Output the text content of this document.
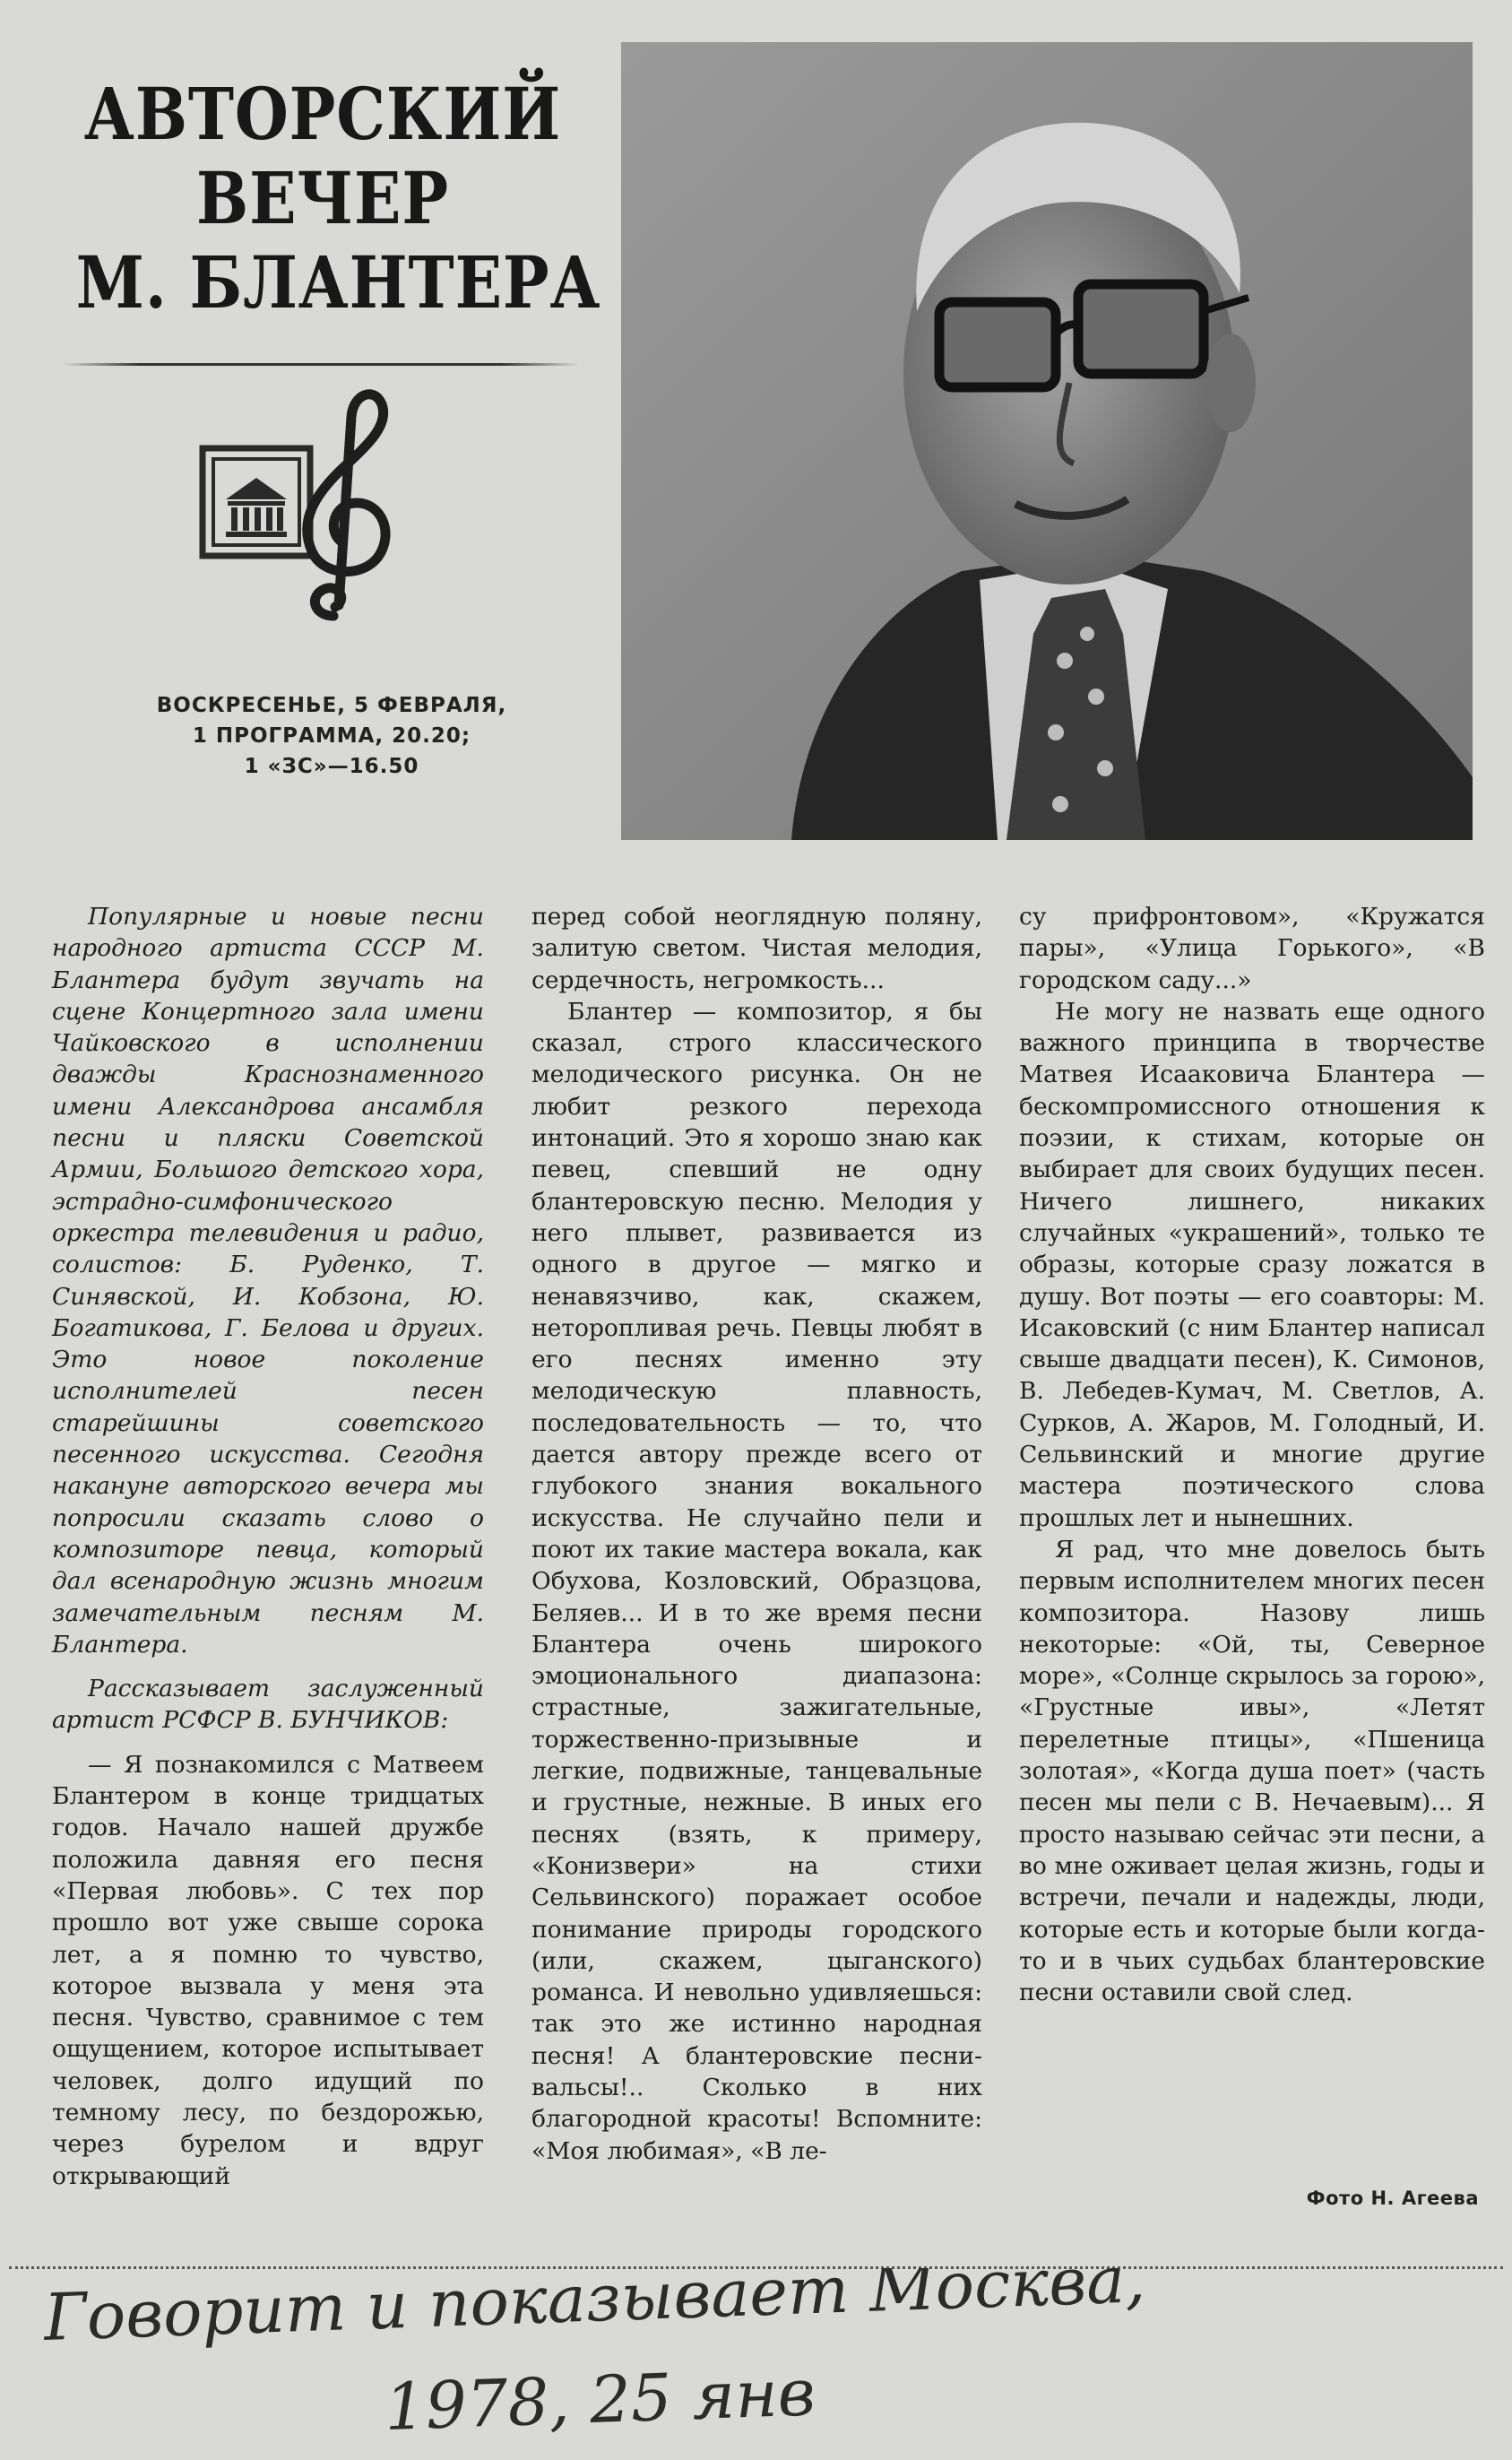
АВТОРСКИЙ
ВЕЧЕР
М. БЛАНТЕРА
ВОСКРЕСЕНЬЕ, 5 ФЕВРАЛЯ,
1 ПРОГРАММА, 20.20;
1 «ЗС»—16.50

Популярные и новые песни народного артиста СССР М. Блантера будут звучать на сцене Концертного зала имени Чайковского в исполнении дважды Краснознаменного имени Александрова ансамбля песни и пляски Советской Армии, Большого детского хора, эстрадно-симфонического оркестра телевидения и радио, солистов: Б. Руденко, Т. Синявской, И. Кобзона, Ю. Богатикова, Г. Белова и других. Это новое поколение исполнителей песен старейшины советского песенного искусства. Сегодня накануне авторского вечера мы попросили сказать слово о композиторе певца, который дал всенародную жизнь многим замечательным песням М. Блантера.

Рассказывает заслуженный артист РСФСР В. БУНЧИКОВ:

— Я познакомился с Матвеем Блантером в конце тридцатых годов. Начало нашей дружбе положила давняя его песня «Первая любовь». С тех пор прошло вот уже свыше сорока лет, а я помню то чувство, которое вызвала у меня эта песня. Чувство, сравнимое с тем ощущением, которое испытывает человек, долго идущий по темному лесу, по бездорожью, через бурелом и вдруг открывающий

перед собой неоглядную поляну, залитую светом. Чистая мелодия, сердечность, негромкость...

Блантер — композитор, я бы сказал, строго классического мелодического рисунка. Он не любит резкого перехода интонаций. Это я хорошо знаю как певец, спевший не одну блантеровскую песню. Мелодия у него плывет, развивается из одного в другое — мягко и ненавязчиво, как, скажем, неторопливая речь. Певцы любят в его песнях именно эту мелодическую плавность, последовательность — то, что дается автору прежде всего от глубокого знания вокального искусства. Не случайно пели и поют их такие мастера вокала, как Обухова, Козловский, Образцова, Беляев... И в то же время песни Блантера очень широкого эмоционального диапазона: страстные, зажигательные, торжественно-призывные и легкие, подвижные, танцевальные и грустные, нежные. В иных его песнях (взять, к примеру, «Конизвери» на стихи Сельвинского) поражает особое понимание природы городского (или, скажем, цыганского) романса. И невольно удивляешься: так это же истинно народная песня! А блантеровские песни-вальсы!.. Сколько в них благородной красоты! Вспомните: «Моя любимая», «В ле-

су прифронтовом», «Кружатся пары», «Улица Горького», «В городском саду...»

Не могу не назвать еще одного важного принципа в творчестве Матвея Исааковича Блантера — бескомпромиссного отношения к поэзии, к стихам, которые он выбирает для своих будущих песен. Ничего лишнего, никаких случайных «украшений», только те образы, которые сразу ложатся в душу. Вот поэты — его соавторы: М. Исаковский (с ним Блантер написал свыше двадцати песен), К. Симонов, В. Лебедев-Кумач, М. Светлов, А. Сурков, А. Жаров, М. Голодный, И. Сельвинский и многие другие мастера поэтического слова прошлых лет и нынешних.

Я рад, что мне довелось быть первым исполнителем многих песен композитора. Назову лишь некоторые: «Ой, ты, Северное море», «Солнце скрылось за горою», «Грустные ивы», «Летят перелетные птицы», «Пшеница золотая», «Когда душа поет» (часть песен мы пели с В. Нечаевым)... Я просто называю сейчас эти песни, а во мне оживает целая жизнь, годы и встречи, печали и надежды, люди, которые есть и которые были когда-то и в чьих судьбах блантеровские песни оставили свой след.

Фото Н. Агеева
Говорит и показывает Москва,
1978, 25 янв
